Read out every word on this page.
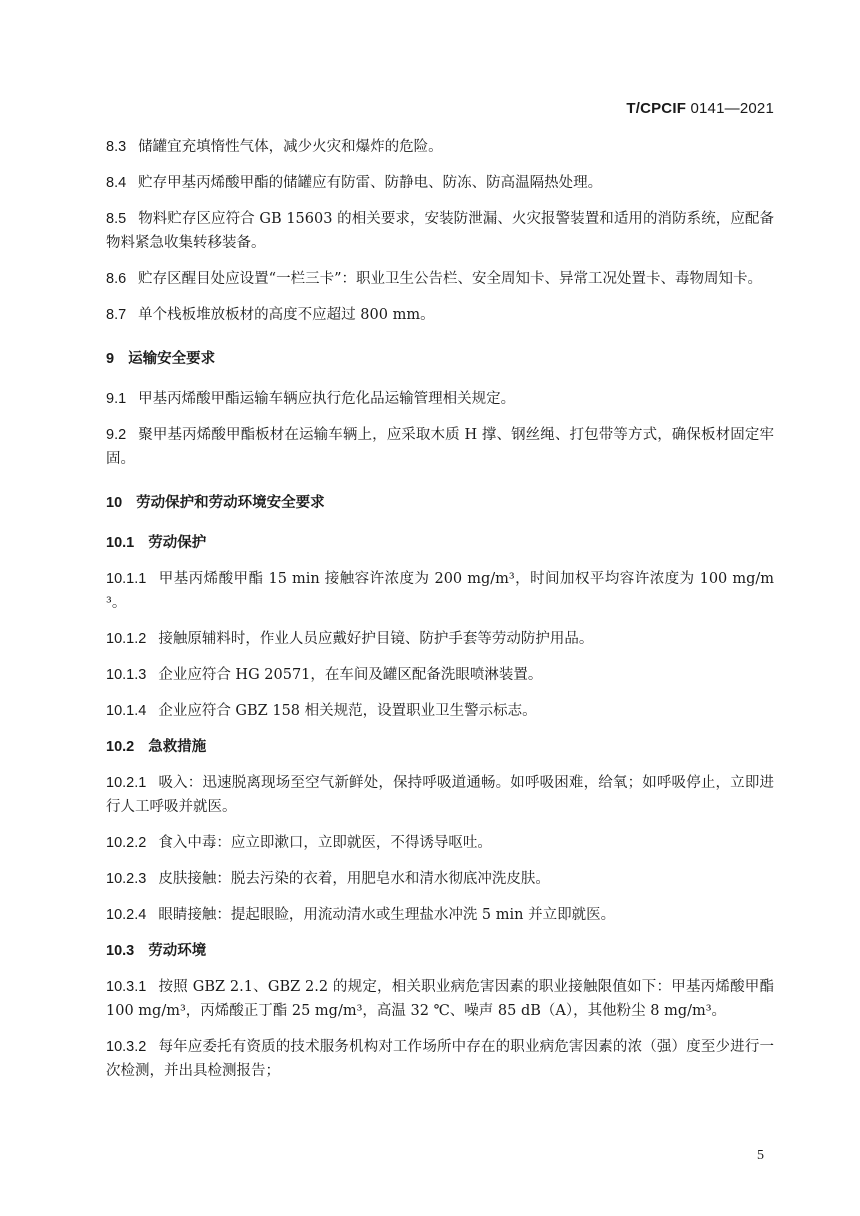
T/CPCIF 0141—2021

8.3 储罐宜充填惰性气体，减少火灾和爆炸的危险。

8.4 贮存甲基丙烯酸甲酯的储罐应有防雷、防静电、防冻、防高温隔热处理。

8.5 物料贮存区应符合 GB 15603 的相关要求，安装防泄漏、火灾报警装置和适用的消防系统，应配备物料紧急收集转移装备。

8.6 贮存区醒目处应设置“一栏三卡”：职业卫生公告栏、安全周知卡、异常工况处置卡、毒物周知卡。

8.7 单个栈板堆放板材的高度不应超过 800 mm。

9 运输安全要求

9.1 甲基丙烯酸甲酯运输车辆应执行危化品运输管理相关规定。

9.2 聚甲基丙烯酸甲酯板材在运输车辆上，应采取木质 H 撑、钢丝绳、打包带等方式，确保板材固定牢固。

10 劳动保护和劳动环境安全要求
10.1 劳动保护

10.1.1 甲基丙烯酸甲酯 15 min 接触容许浓度为 200 mg/m³，时间加权平均容许浓度为 100 mg/m³。

10.1.2 接触原辅料时，作业人员应戴好护目镜、防护手套等劳动防护用品。

10.1.3 企业应符合 HG 20571，在车间及罐区配备洗眼喷淋装置。

10.1.4 企业应符合 GBZ 158 相关规范，设置职业卫生警示标志。

10.2 急救措施

10.2.1 吸入：迅速脱离现场至空气新鲜处，保持呼吸道通畅。如呼吸困难，给氧；如呼吸停止，立即进行人工呼吸并就医。

10.2.2 食入中毒：应立即漱口，立即就医，不得诱导呕吐。

10.2.3 皮肤接触：脱去污染的衣着，用肥皂水和清水彻底冲洗皮肤。

10.2.4 眼睛接触：提起眼睑，用流动清水或生理盐水冲洗 5 min 并立即就医。

10.3 劳动环境

10.3.1 按照 GBZ 2.1、GBZ 2.2 的规定，相关职业病危害因素的职业接触限值如下：甲基丙烯酸甲酯 100 mg/m³，丙烯酸正丁酯 25 mg/m³，高温 32 ℃、噪声 85 dB（A），其他粉尘 8 mg/m³。

10.3.2 每年应委托有资质的技术服务机构对工作场所中存在的职业病危害因素的浓（强）度至少进行一次检测，并出具检测报告；

5
